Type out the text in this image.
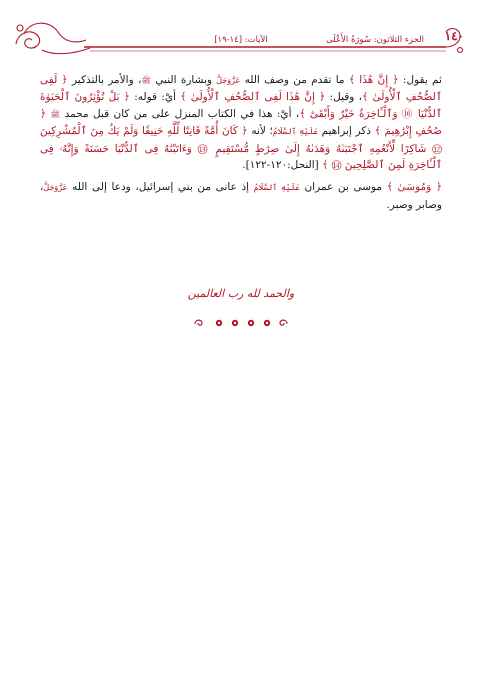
١٤٠
الجزء الثلاثون: سُورَةُ الأَعْلَى
الآيات: [١٤-١٩]

ثم يقول: ﴿ إِنَّ هَٰذَا ﴾ ما تقدم من وصف الله عَزَّوَجَلَّ وبشارة النبي ﷺ، والأمر بالتذكير ﴿ لَفِى ٱلصُّحُفِ ٱلْأُولَىٰ ﴾، وقيل: ﴿ إِنَّ هَٰذَا لَفِى ٱلصُّحُفِ ٱلْأُولَىٰ ﴾ أيْ: قوله: ﴿ بَلْ تُؤْثِرُونَ ٱلْحَيَوٰةَ ٱلدُّنْيَا ⑯ وَٱلْـَٔاخِرَةُ خَيْرٌ وَأَبْقَىٰٓ ﴾، أيْ: هذا في الكتاب المنزل على من كان قبل محمد ﷺ ﴿ صُحُفِ إِبْرَٰهِيمَ ﴾ ذكر إبراهيم عَلَيْهِ ٱلسَّلَامُ؛ لأنه ﴿ كَانَ أُمَّةً قَانِتًا لِّلَّهِ حَنِيفًا وَلَمْ يَكُ مِنَ ٱلْمُشْرِكِينَ ⑫ شَاكِرًا لِّأَنْعُمِهِ ٱجْتَبَىٰهُ وَهَدَىٰهُ إِلَىٰ صِرَٰطٍ مُّسْتَقِيمٍ ⑬ وَءَاتَيْنَٰهُ فِى ٱلدُّنْيَا حَسَنَةً وَإِنَّهُۥ فِى ٱلْـَٔاخِرَةِ لَمِنَ ٱلصَّٰلِحِينَ ⑭ ﴾ [النحل:١٢٠-١٢٢].

﴿ وَمُوسَىٰ ﴾ موسى بن عمران عَلَيْهِ ٱلسَّلَامُ إذ عانى من بني إسرائيل، ودعا إلى الله عَزَّوَجَلَّ، وصابر وصبر.

والحمد لله رب العالمين
